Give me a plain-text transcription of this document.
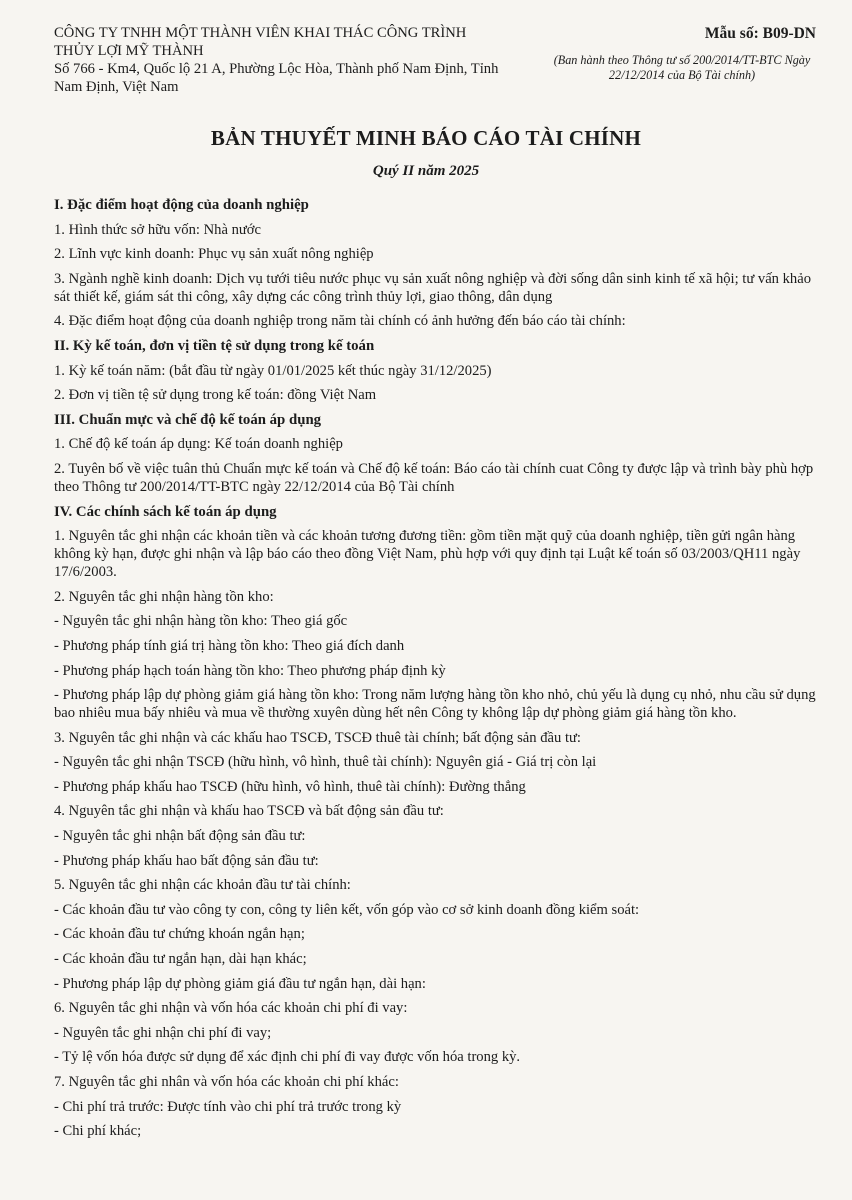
CÔNG TY TNHH MỘT THÀNH VIÊN KHAI THÁC CÔNG TRÌNH
THỦY LỢI MỸ THÀNH
Số 766 - Km4, Quốc lộ 21 A, Phường Lộc Hòa, Thành phố Nam Định, Tỉnh
Nam Định, Việt Nam
Mẫu số: B09-DN
(Ban hành theo Thông tư số 200/2014/TT-BTC Ngày 22/12/2014 của Bộ Tài chính)
BẢN THUYẾT MINH BÁO CÁO TÀI CHÍNH
Quý II năm 2025
I. Đặc điểm hoạt động của doanh nghiệp

1. Hình thức sở hữu vốn: Nhà nước

2. Lĩnh vực kinh doanh: Phục vụ sản xuất nông nghiệp

3. Ngành nghề kinh doanh: Dịch vụ tưới tiêu nước phục vụ sản xuất nông nghiệp và đời sống dân sinh kinh tế xã hội; tư vấn khảo sát thiết kế, giám sát thi công, xây dựng các công trình thủy lợi, giao thông, dân dụng

4. Đặc điểm hoạt động của doanh nghiệp trong năm tài chính có ảnh hưởng đến báo cáo tài chính:

II. Kỳ kế toán, đơn vị tiền tệ sử dụng trong kế toán

1. Kỳ kế toán năm: (bắt đầu từ ngày 01/01/2025 kết thúc ngày 31/12/2025)

2. Đơn vị tiền tệ sử dụng trong kế toán: đồng Việt Nam

III. Chuẩn mực và chế độ kế toán áp dụng

1. Chế độ kế toán áp dụng: Kế toán doanh nghiệp

2. Tuyên bố về việc tuân thủ Chuẩn mực kế toán và Chế độ kế toán: Báo cáo tài chính cuat Công ty được lập và trình bày phù hợp theo Thông tư 200/2014/TT-BTC ngày 22/12/2014 của Bộ Tài chính

IV. Các chính sách kế toán áp dụng

1. Nguyên tắc ghi nhận các khoản tiền và các khoản tương đương tiền: gồm tiền mặt quỹ của doanh nghiệp, tiền gửi ngân hàng không kỳ hạn, được ghi nhận và lập báo cáo theo đồng Việt Nam, phù hợp với quy định tại Luật kế toán số 03/2003/QH11 ngày 17/6/2003.

2. Nguyên tắc ghi nhận hàng tồn kho:

- Nguyên tắc ghi nhận hàng tồn kho: Theo giá gốc

- Phương pháp tính giá trị hàng tồn kho: Theo giá đích danh

- Phương pháp hạch toán hàng tồn kho: Theo phương pháp định kỳ

- Phương pháp lập dự phòng giảm giá hàng tồn kho: Trong năm lượng hàng tồn kho nhỏ, chủ yếu là dụng cụ nhỏ, nhu cầu sử dụng bao nhiêu mua bấy nhiêu và mua về thường xuyên dùng hết nên Công ty không lập dự phòng giảm giá hàng tồn kho.

3. Nguyên tắc ghi nhận và các khấu hao TSCĐ, TSCĐ thuê tài chính; bất động sản đầu tư:

- Nguyên tắc ghi nhận TSCĐ (hữu hình, vô hình, thuê tài chính): Nguyên giá - Giá trị còn lại

- Phương pháp khấu hao TSCĐ (hữu hình, vô hình, thuê tài chính): Đường thẳng

4. Nguyên tắc ghi nhận và khấu hao TSCĐ và bất động sản đầu tư:

- Nguyên tắc ghi nhận bất động sản đầu tư:

- Phương pháp khấu hao bất động sản đầu tư:

5. Nguyên tắc ghi nhận các khoản đầu tư tài chính:

- Các khoản đầu tư vào công ty con, công ty liên kết, vốn góp vào cơ sở kinh doanh đồng kiểm soát:

- Các khoản đầu tư chứng khoán ngắn hạn;

- Các khoản đầu tư ngắn hạn, dài hạn khác;

- Phương pháp lập dự phòng giảm giá đầu tư ngắn hạn, dài hạn:

6. Nguyên tắc ghi nhận và vốn hóa các khoản chi phí đi vay:

- Nguyên tắc ghi nhận chi phí đi vay;

- Tỷ lệ vốn hóa được sử dụng để xác định chi phí đi vay được vốn hóa trong kỳ.

7. Nguyên tắc ghi nhân và vốn hóa các khoản chi phí khác:

- Chi phí trả trước: Được tính vào chi phí trả trước trong kỳ

- Chi phí khác;
